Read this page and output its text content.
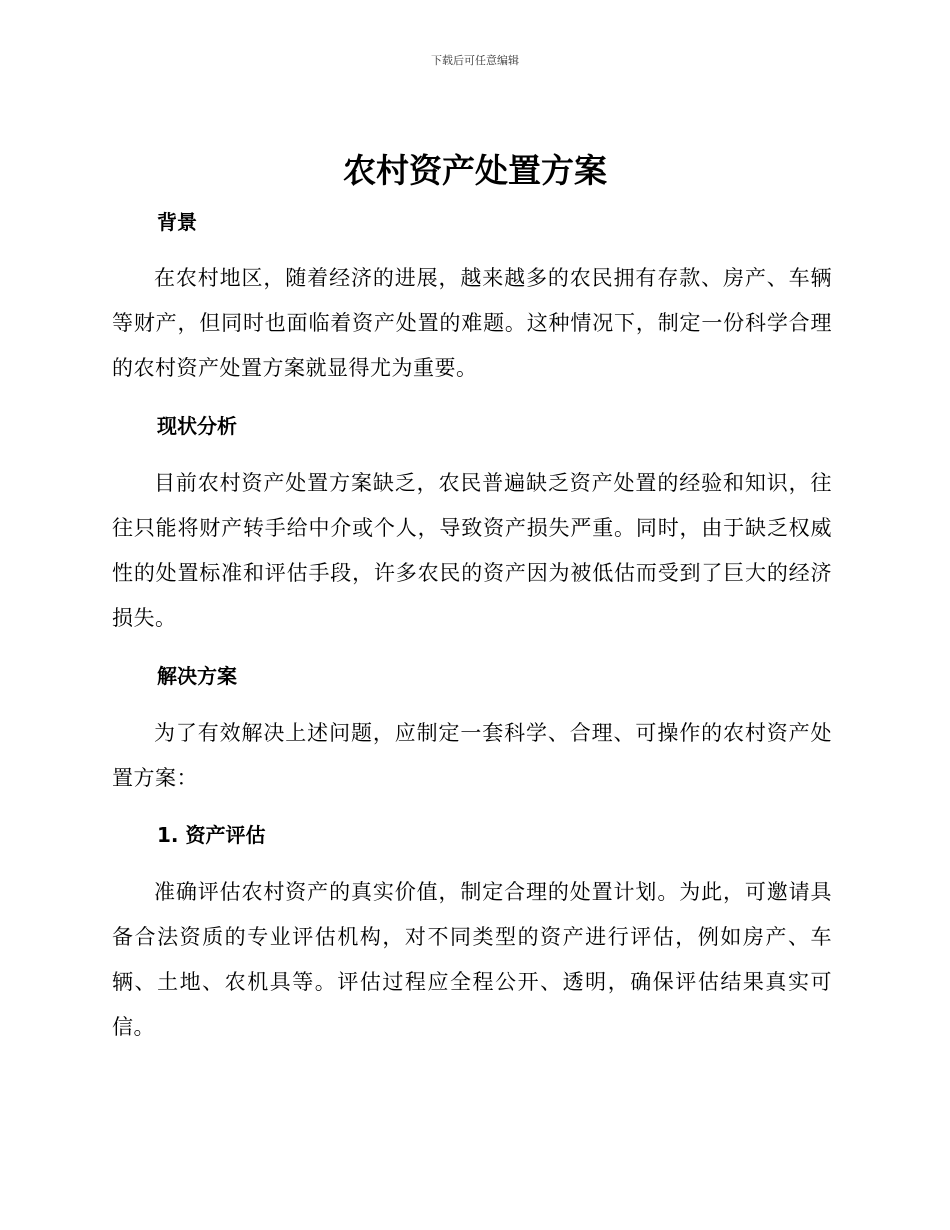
下载后可任意编辑
农村资产处置方案
背景

在农村地区，随着经济的进展，越来越多的农民拥有存款、房产、车辆等财产，但同时也面临着资产处置的难题。这种情况下，制定一份科学合理的农村资产处置方案就显得尤为重要。

现状分析

目前农村资产处置方案缺乏，农民普遍缺乏资产处置的经验和知识，往往只能将财产转手给中介或个人，导致资产损失严重。同时，由于缺乏权威性的处置标准和评估手段，许多农民的资产因为被低估而受到了巨大的经济损失。

解决方案

为了有效解决上述问题，应制定一套科学、合理、可操作的农村资产处置方案：

1. 资产评估

准确评估农村资产的真实价值，制定合理的处置计划。为此，可邀请具备合法资质的专业评估机构，对不同类型的资产进行评估，例如房产、车辆、土地、农机具等。评估过程应全程公开、透明，确保评估结果真实可信。
